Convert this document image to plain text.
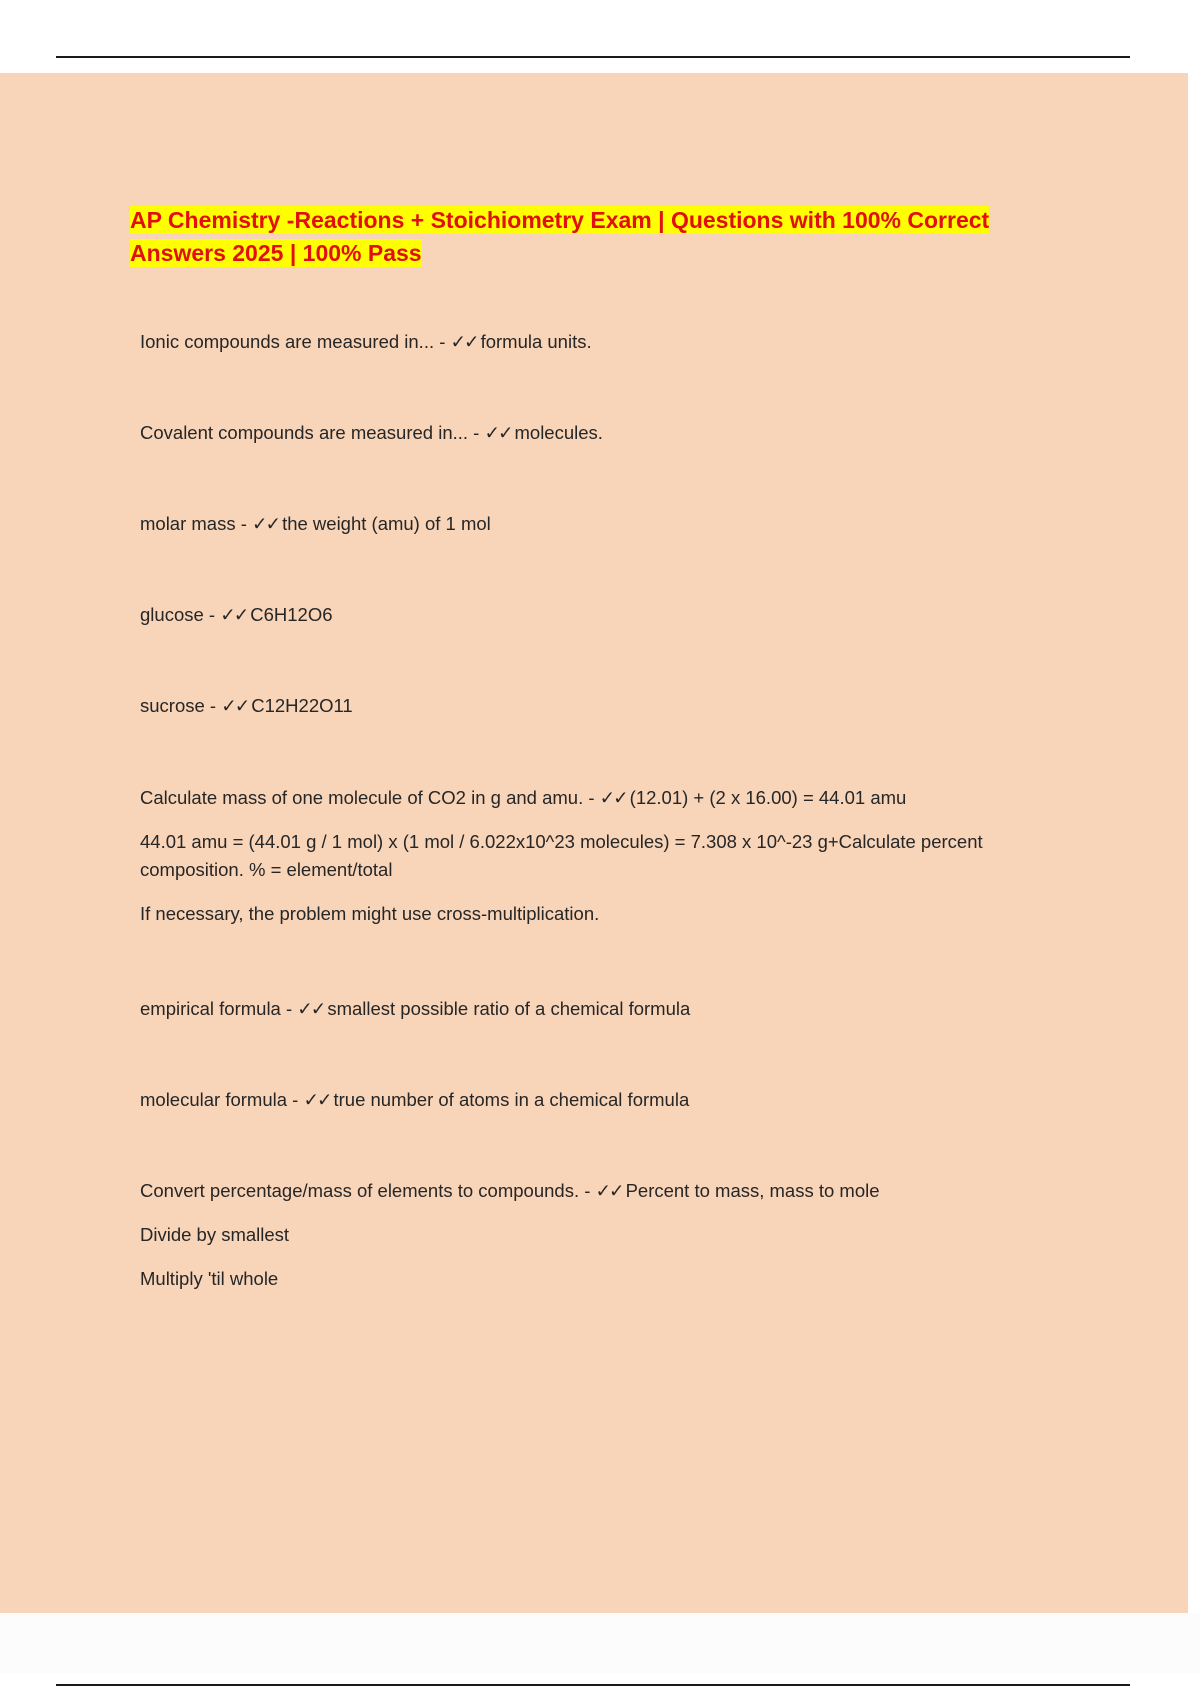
AP Chemistry -Reactions + Stoichiometry Exam | Questions with 100% Correct Answers 2025 | 100% Pass

Ionic compounds are measured in... - ✓✓ formula units.

Covalent compounds are measured in... - ✓✓ molecules.

molar mass - ✓✓ the weight (amu) of 1 mol

glucose - ✓✓ C6H12O6

sucrose - ✓✓ C12H22O11

Calculate mass of one molecule of CO2 in g and amu. - ✓✓ (12.01) + (2 x 16.00) = 44.01 amu

44.01 amu = (44.01 g / 1 mol) x (1 mol / 6.022x10^23 molecules) = 7.308 x 10^-23 g+Calculate percent composition. % = element/total

If necessary, the problem might use cross-multiplication.

empirical formula - ✓✓ smallest possible ratio of a chemical formula

molecular formula - ✓✓ true number of atoms in a chemical formula

Convert percentage/mass of elements to compounds. - ✓✓ Percent to mass, mass to mole

Divide by smallest

Multiply 'til whole
